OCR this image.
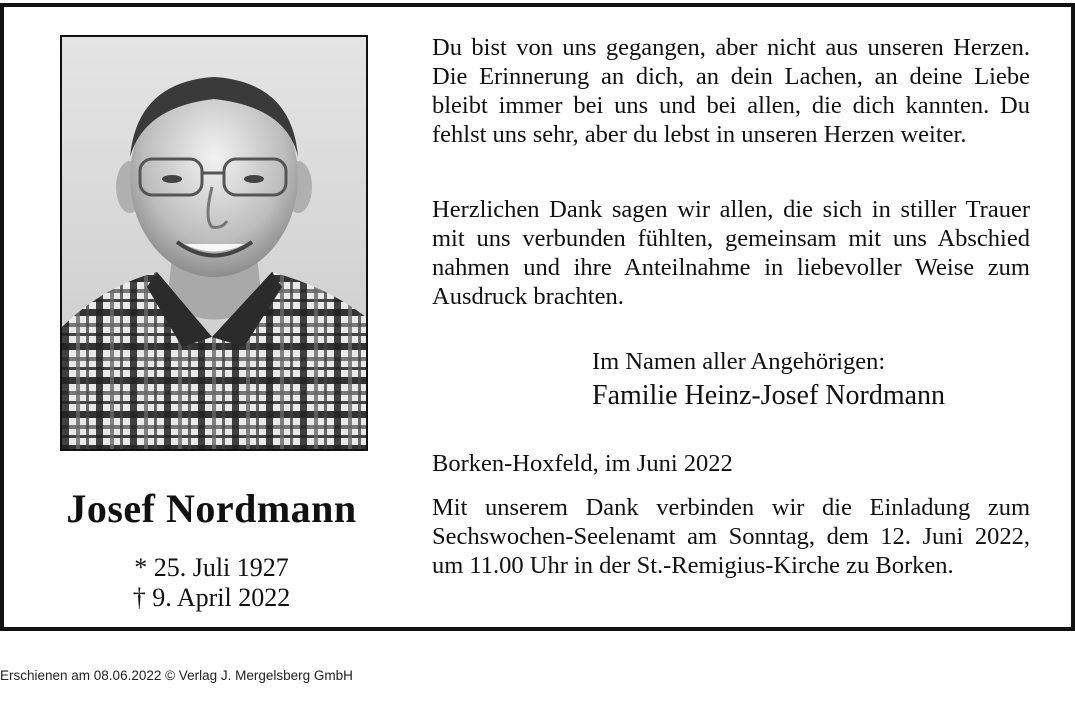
Josef Nordmann
* 25. Juli 1927
† 9. April 2022
Du bist von uns gegangen, aber nicht aus unseren Herzen. Die Erinnerung an dich, an dein Lachen, an deine Liebe bleibt immer bei uns und bei allen, die dich kannten. Du fehlst uns sehr, aber du lebst in unseren Herzen weiter.
Herzlichen Dank sagen wir allen, die sich in stiller Trauer mit uns verbunden fühlten, gemeinsam mit uns Abschied nahmen und ihre Anteilnahme in liebevoller Weise zum Ausdruck brachten.
Im Namen aller Angehörigen:
Familie Heinz-Josef Nordmann
Borken-Hoxfeld, im Juni 2022
Mit unserem Dank verbinden wir die Einladung zum Sechswochen-Seelenamt am Sonntag, dem 12. Juni 2022, um 11.00 Uhr in der St.-Remigius-Kirche zu Borken.
Erschienen am 08.06.2022 © Verlag J. Mergelsberg GmbH
